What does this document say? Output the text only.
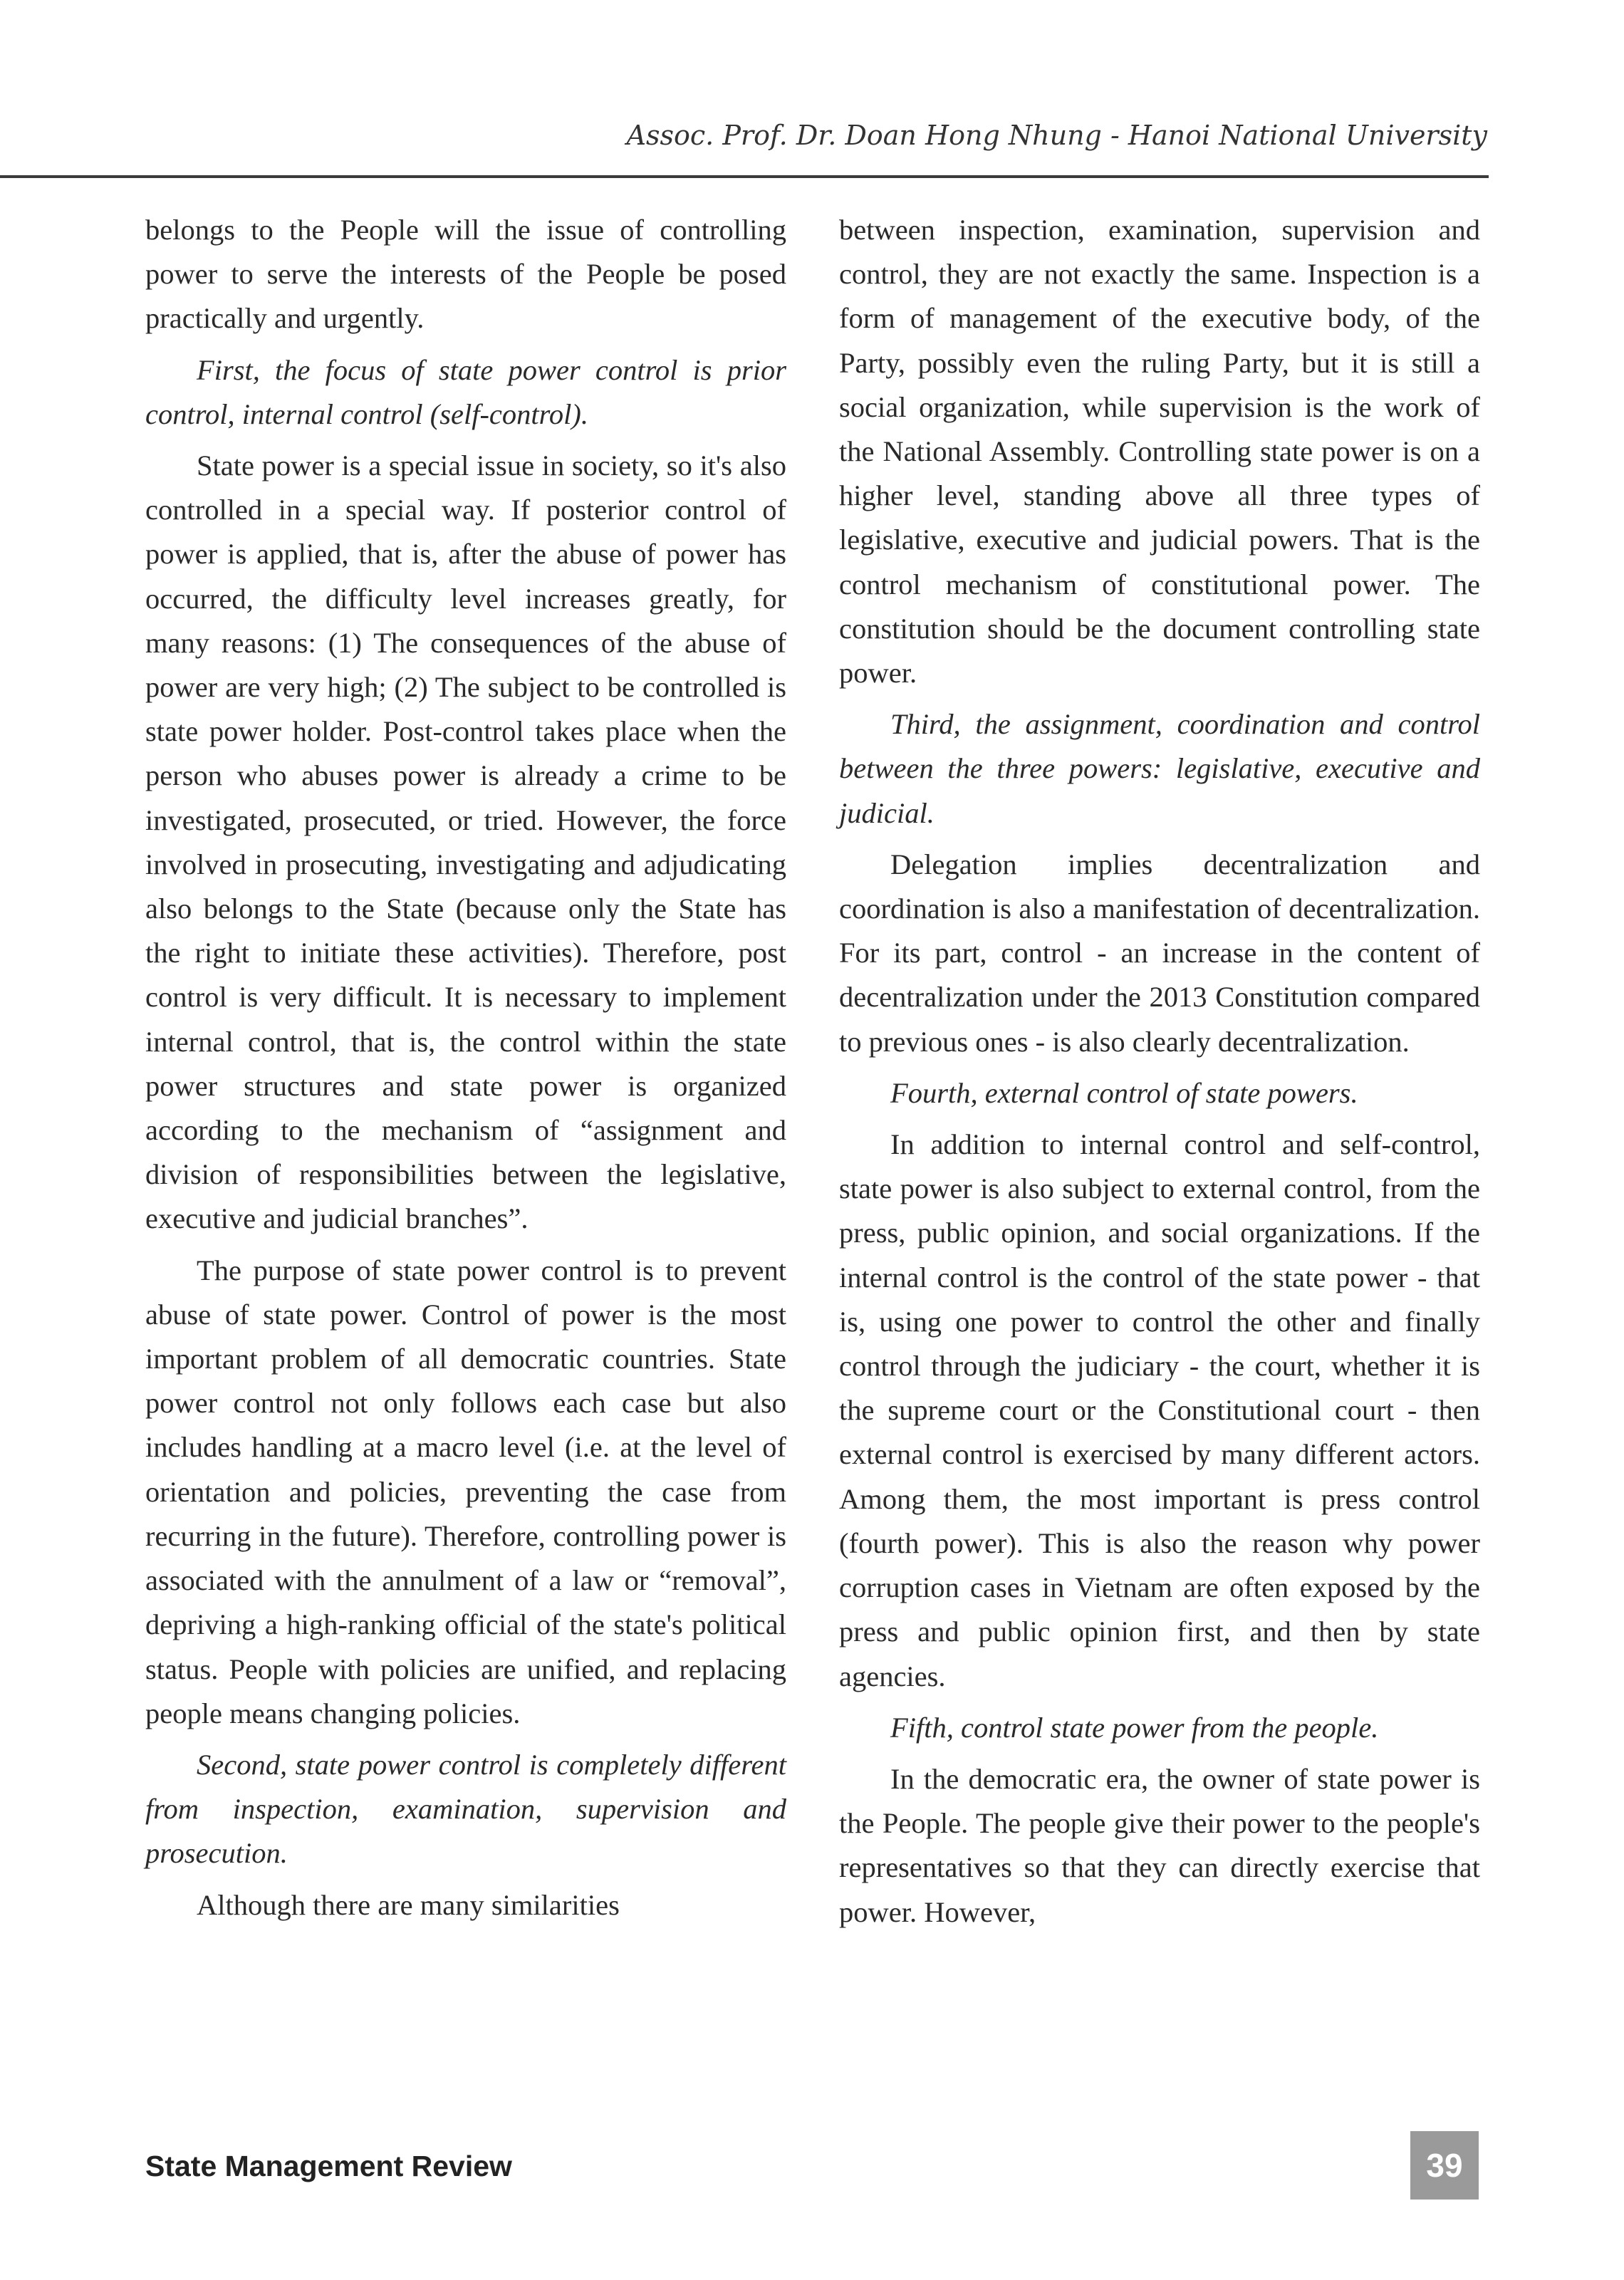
Assoc. Prof. Dr. Doan Hong Nhung - Hanoi National University

belongs to the People will the issue of controlling power to serve the interests of the People be posed practically and urgently.

First, the focus of state power control is prior control, internal control (self-control).

State power is a special issue in society, so it's also controlled in a special way. If posterior control of power is applied, that is, after the abuse of power has occurred, the difficulty level increases greatly, for many reasons: (1) The consequences of the abuse of power are very high; (2) The subject to be controlled is state power holder. Post-control takes place when the person who abuses power is already a crime to be investigated, prosecuted, or tried. However, the force involved in prosecuting, investigating and adjudicating also belongs to the State (because only the State has the right to initiate these activities). Therefore, post control is very difficult. It is necessary to implement internal control, that is, the control within the state power structures and state power is organized according to the mechanism of “assignment and division of responsibilities between the legislative, executive and judicial branches”.

The purpose of state power control is to prevent abuse of state power. Control of power is the most important problem of all democratic countries. State power control not only follows each case but also includes handling at a macro level (i.e. at the level of orientation and policies, preventing the case from recurring in the future). Therefore, controlling power is associated with the annulment of a law or “removal”, depriving a high-ranking official of the state's political status. People with policies are unified, and replacing people means changing policies.

Second, state power control is completely different from inspection, examination, supervision and prosecution.

Although there are many similarities

between inspection, examination, supervision and control, they are not exactly the same. Inspection is a form of management of the executive body, of the Party, possibly even the ruling Party, but it is still a social organization, while supervision is the work of the National Assembly. Controlling state power is on a higher level, standing above all three types of legislative, executive and judicial powers. That is the control mechanism of constitutional power. The constitution should be the document controlling state power.

Third, the assignment, coordination and control between the three powers: legislative, executive and judicial.

Delegation implies decentralization and coordination is also a manifestation of decentralization. For its part, control - an increase in the content of decentralization under the 2013 Constitution compared to previous ones - is also clearly decentralization.

Fourth, external control of state powers.

In addition to internal control and self-control, state power is also subject to external control, from the press, public opinion, and social organizations. If the internal control is the control of the state power - that is, using one power to control the other and finally control through the judiciary - the court, whether it is the supreme court or the Constitutional court - then external control is exercised by many different actors. Among them, the most important is press control (fourth power). This is also the reason why power corruption cases in Vietnam are often exposed by the press and public opinion first, and then by state agencies.

Fifth, control state power from the people.

In the democratic era, the owner of state power is the People. The people give their power to the people's representatives so that they can directly exercise that power. However,

State Management Review	39
